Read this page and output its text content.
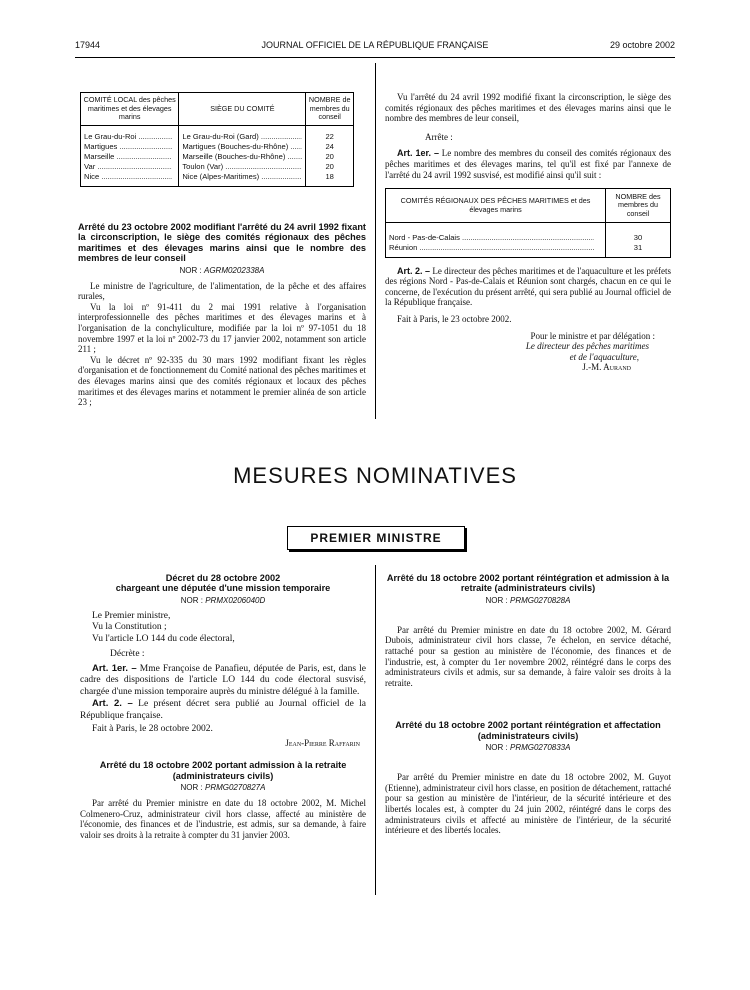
17944	JOURNAL OFFICIEL DE LA RÉPUBLIQUE FRANÇAISE	29 octobre 2002
COMITÉ LOCAL des pêches maritimes et des élevages marins	SIÈGE DU COMITÉ	NOMBRE de membres du conseil

Le Grau-du-Roi .....	Le Grau-du-Roi (Gard) .....	22

Martigues .....	Martigues (Bouches-du-Rhône) .....	24

Marseille .....	Marseille (Bouches-du-Rhône) .....	20

Var .....	Toulon (Var) .....	20

Nice .....	Nice (Alpes-Maritimes) .....	18

Arrêté du 23 octobre 2002 modifiant l'arrêté du 24 avril 1992 fixant la circonscription, le siège des comités régionaux des pêches maritimes et des élevages marins ainsi que le nombre des membres de leur conseil

NOR : AGRM0202338A

Le ministre de l'agriculture, de l'alimentation, de la pêche et des affaires rurales,

Vu la loi nº 91-411 du 2 mai 1991 relative à l'organisation interprofessionnelle des pêches maritimes et des élevages marins et à l'organisation de la conchyliculture, modifiée par la loi nº 97-1051 du 18 novembre 1997 et la loi nº 2002-73 du 17 janvier 2002, notamment son article 211 ;

Vu le décret nº 92-335 du 30 mars 1992 modifiant fixant les règles d'organisation et de fonctionnement du Comité national des pêches maritimes et des élevages marins ainsi que des comités régionaux et locaux des pêches maritimes et des élevages marins et notamment le premier alinéa de son article 23 ;

Vu l'arrêté du 24 avril 1992 modifié fixant la circonscription, le siège des comités régionaux des pêches maritimes et des élevages marins ainsi que le nombre des membres de leur conseil,

Arrête :

Art. 1er. – Le nombre des membres du conseil des comités régionaux des pêches maritimes et des élevages marins, tel qu'il est fixé par l'annexe de l'arrêté du 24 avril 1992 susvisé, est modifié ainsi qu'il suit :

COMITÉS RÉGIONAUX DES PÊCHES MARITIMES et des élevages marins	NOMBRE des membres du conseil

Nord - Pas-de-Calais .....	30

Réunion .....	31

Art. 2. – Le directeur des pêches maritimes et de l'aquaculture et les préfets des régions Nord - Pas-de-Calais et Réunion sont chargés, chacun en ce qui le concerne, de l'exécution du présent arrêté, qui sera publié au Journal officiel de la République française.

Fait à Paris, le 23 octobre 2002.

Pour le ministre et par délégation :

Le directeur des pêches maritimes

et de l'aquaculture,

J.-M. Aurand

MESURES NOMINATIVES
PREMIER MINISTRE

Décret du 28 octobre 2002

chargeant une députée d'une mission temporaire

NOR : PRMX0206040D

Le Premier ministre,

Vu la Constitution ;

Vu l'article LO 144 du code électoral,

Décrète :

Art. 1er. – Mme Françoise de Panafieu, députée de Paris, est, dans le cadre des dispositions de l'article LO 144 du code électoral susvisé, chargée d'une mission temporaire auprès du ministre délégué à la famille.

Art. 2. – Le présent décret sera publié au Journal officiel de la République française.

Fait à Paris, le 28 octobre 2002.

Jean-Pierre Raffarin

Arrêté du 18 octobre 2002 portant admission à la retraite (administrateurs civils)

NOR : PRMG0270827A

Par arrêté du Premier ministre en date du 18 octobre 2002, M. Michel Colmenero-Cruz, administrateur civil hors classe, affecté au ministère de l'économie, des finances et de l'industrie, est admis, sur sa demande, à faire valoir ses droits à la retraite à compter du 31 janvier 2003.

Arrêté du 18 octobre 2002 portant réintégration et admission à la retraite (administrateurs civils)

NOR : PRMG0270828A

Par arrêté du Premier ministre en date du 18 octobre 2002, M. Gérard Dubois, administrateur civil hors classe, 7e échelon, en service détaché, rattaché pour sa gestion au ministère de l'économie, des finances et de l'industrie, est, à compter du 1er novembre 2002, réintégré dans le corps des administrateurs civils et admis, sur sa demande, à faire valoir ses droits à la retraite.

Arrêté du 18 octobre 2002 portant réintégration et affectation (administrateurs civils)

NOR : PRMG0270833A

Par arrêté du Premier ministre en date du 18 octobre 2002, M. Guyot (Etienne), administrateur civil hors classe, en position de détachement, rattaché pour sa gestion au ministère de l'intérieur, de la sécurité intérieure et des libertés locales est, à compter du 24 juin 2002, réintégré dans le corps des administrateurs civils et affecté au ministère de l'intérieur, de la sécurité intérieure et des libertés locales.
